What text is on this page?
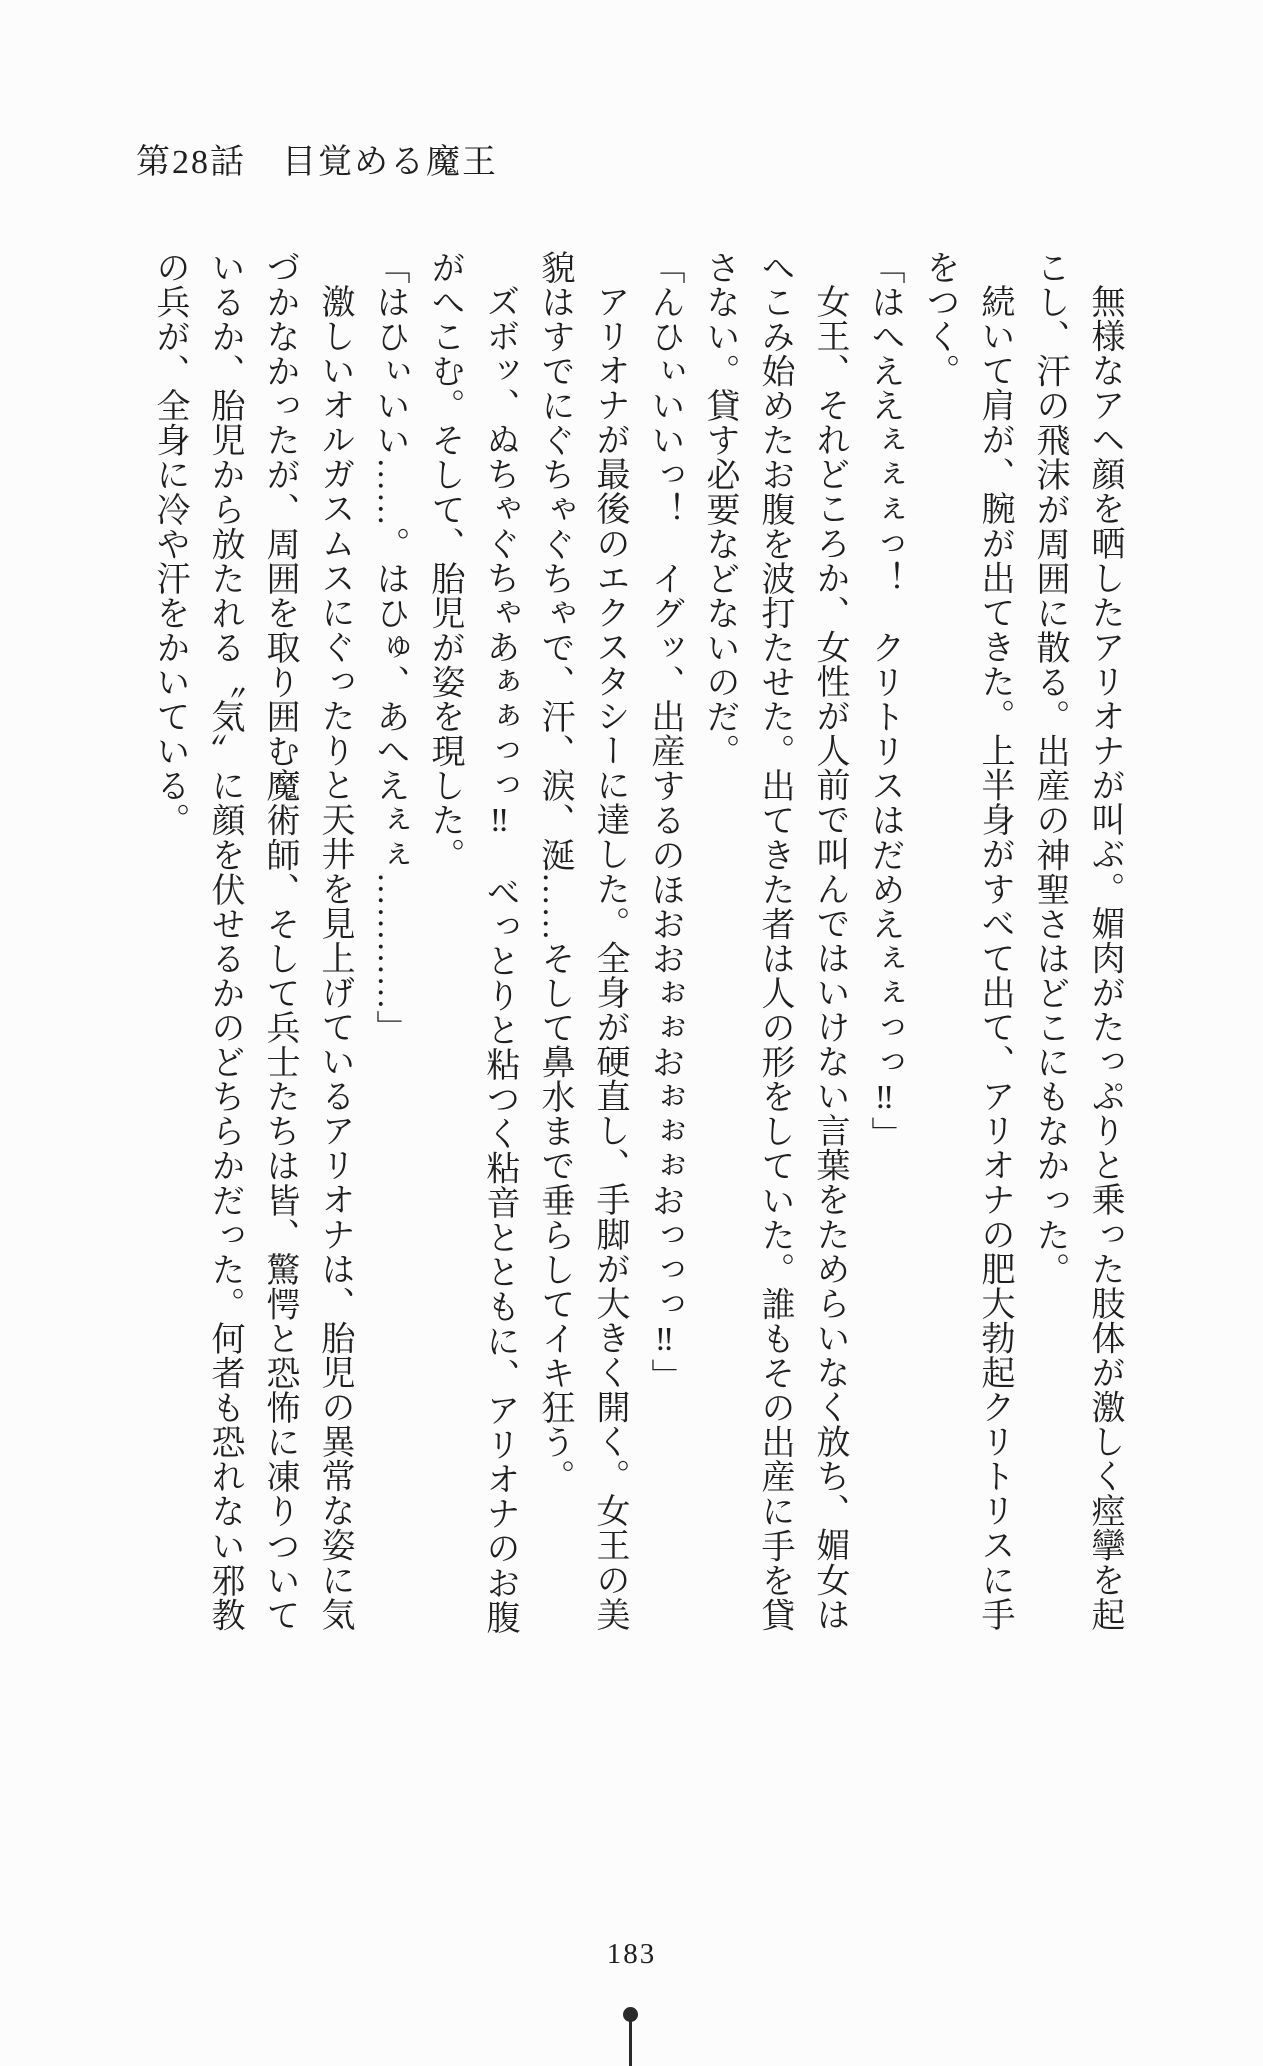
第28話　目覚める魔王

無様なアヘ顔を晒したアリオナが叫ぶ。媚肉がたっぷりと乗った肢体が激しく痙攣を起こし、汗の飛沫が周囲に散る。出産の神聖さはどこにもなかった。

続いて肩が、腕が出てきた。上半身がすべて出て、アリオナの肥大勃起クリトリスに手をつく。

「はへええぇぇぇっ！　クリトリスはだめえぇぇっっ‼」

女王、それどころか、女性が人前で叫んではいけない言葉をためらいなく放ち、媚女はへこみ始めたお腹を波打たせた。出てきた者は人の形をしていた。誰もその出産に手を貸さない。貸す必要などないのだ。

「んひぃいいっ！　イグッ、出産するのほおおぉぉおぉぉぉおっっっ‼」

アリオナが最後のエクスタシーに達した。全身が硬直し、手脚が大きく開く。女王の美貌はすでにぐちゃぐちゃで、汗、涙、涎……そして鼻水まで垂らしてイキ狂う。

ズボッ、ぬちゃぐちゃあぁぁっっ‼　べっとりと粘つく粘音とともに、アリオナのお腹がへこむ。そして、胎児が姿を現した。

「はひぃいい……。はひゅ、あへえぇぇ…………」

激しいオルガスムスにぐったりと天井を見上げているアリオナは、胎児の異常な姿に気づかなかったが、周囲を取り囲む魔術師、そして兵士たちは皆、驚愕と恐怖に凍りついているか、胎児から放たれる〝気〟に顔を伏せるかのどちらかだった。何者も恐れない邪教の兵が、全身に冷や汗をかいている。

183
